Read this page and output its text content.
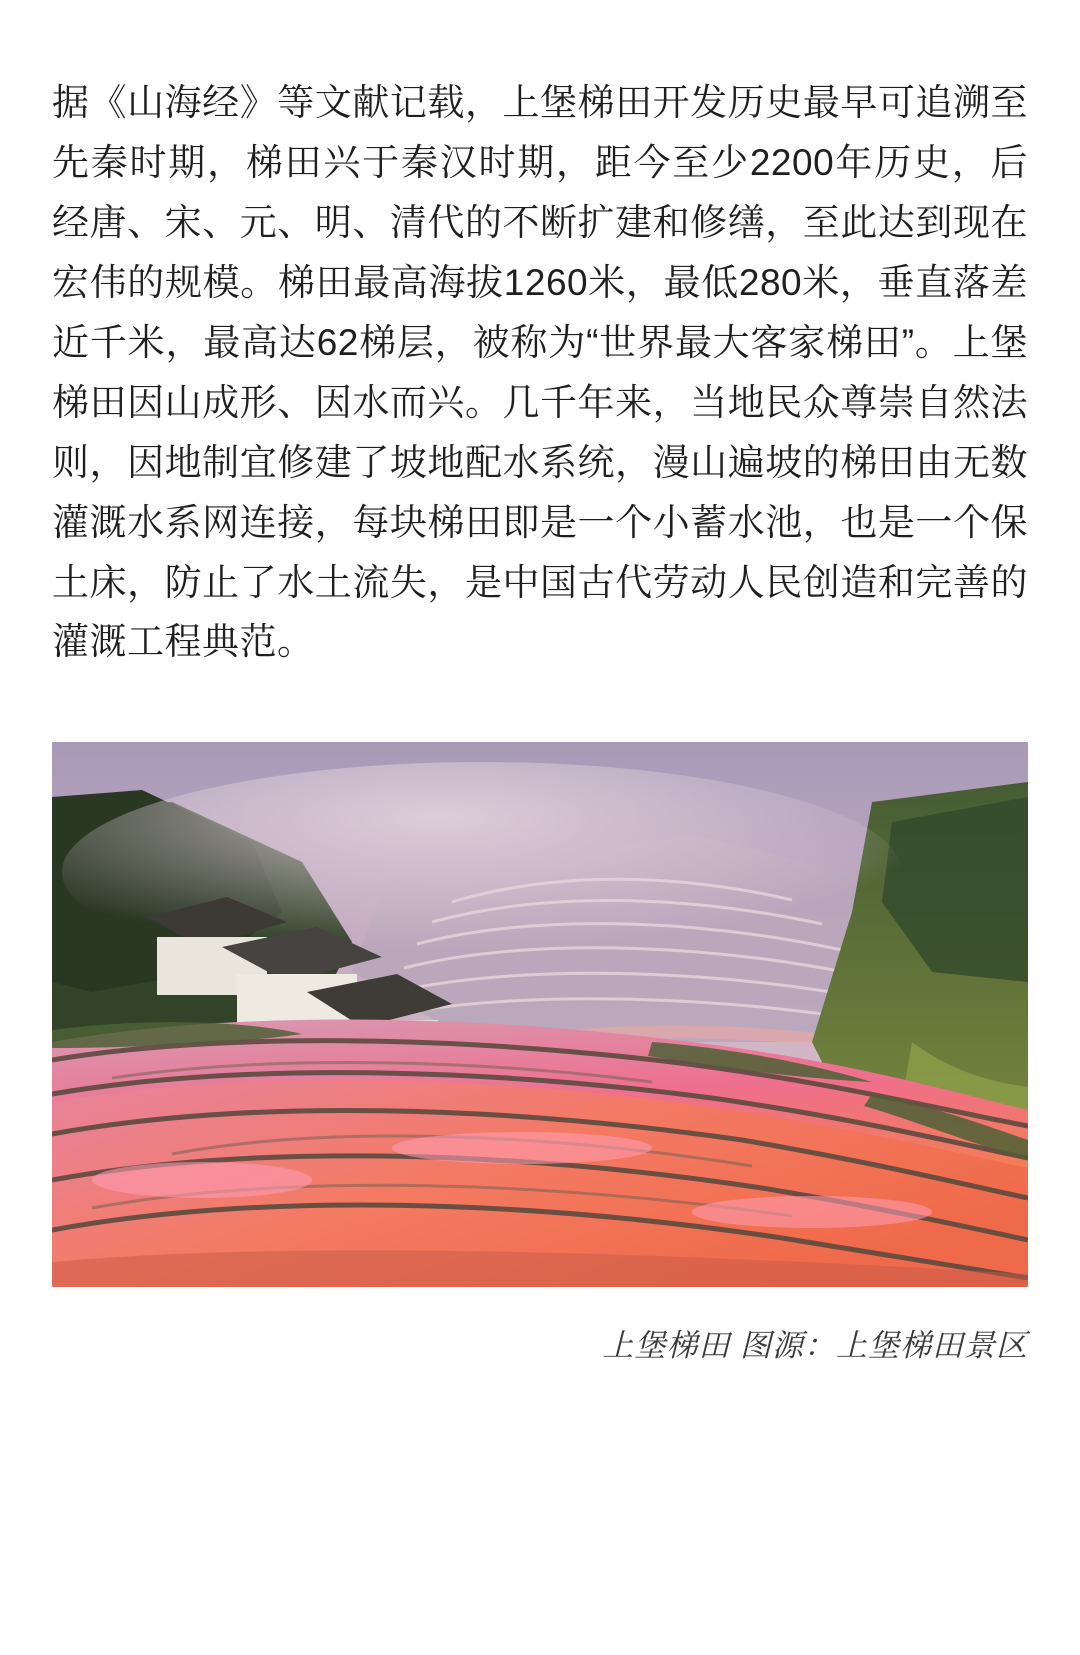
据《山海经》等文献记载，上堡梯田开发历史最早可追溯至先秦时期，梯田兴于秦汉时期，距今至少2200年历史，后经唐、宋、元、明、清代的不断扩建和修缮，至此达到现在宏伟的规模。梯田最高海拔1260米，最低280米，垂直落差近千米，最高达62梯层，被称为“世界最大客家梯田”。上堡梯田因山成形、因水而兴。几千年来，当地民众尊崇自然法则，因地制宜修建了坡地配水系统，漫山遍坡的梯田由无数灌溉水系网连接，每块梯田即是一个小蓄水池，也是一个保土床，防止了水土流失，是中国古代劳动人民创造和完善的灌溉工程典范。

上堡梯田 图源：上堡梯田景区
